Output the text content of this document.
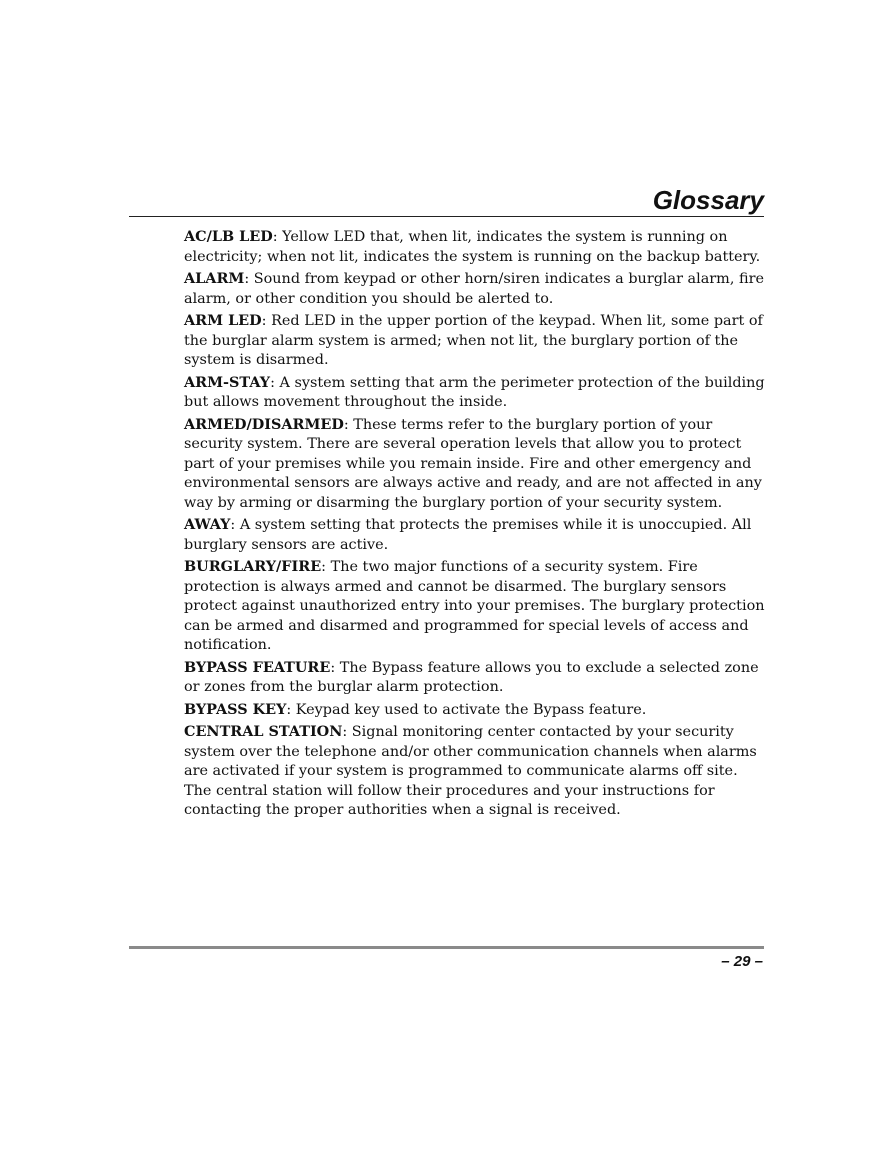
Glossary

AC/LB LED: Yellow LED that, when lit, indicates the system is running on electricity; when not lit, indicates the system is running on the backup battery.

ALARM: Sound from keypad or other horn/siren indicates a burglar alarm, fire alarm, or other condition you should be alerted to.

ARM LED: Red LED in the upper portion of the keypad. When lit, some part of the burglar alarm system is armed; when not lit, the burglary portion of the system is disarmed.

ARM-STAY: A system setting that arm the perimeter protection of the building but allows movement throughout the inside.

ARMED/DISARMED: These terms refer to the burglary portion of your security system. There are several operation levels that allow you to protect part of your premises while you remain inside. Fire and other emergency and environmental sensors are always active and ready, and are not affected in any way by arming or disarming the burglary portion of your security system.

AWAY: A system setting that protects the premises while it is unoccupied. All burglary sensors are active.

BURGLARY/FIRE: The two major functions of a security system. Fire protection is always armed and cannot be disarmed. The burglary sensors protect against unauthorized entry into your premises. The burglary protection can be armed and disarmed and programmed for special levels of access and notification.

BYPASS FEATURE: The Bypass feature allows you to exclude a selected zone or zones from the burglar alarm protection.

BYPASS KEY: Keypad key used to activate the Bypass feature.

CENTRAL STATION: Signal monitoring center contacted by your security system over the telephone and/or other communication channels when alarms are activated if your system is programmed to communicate alarms off site. The central station will follow their procedures and your instructions for contacting the proper authorities when a signal is received.

– 29 –
